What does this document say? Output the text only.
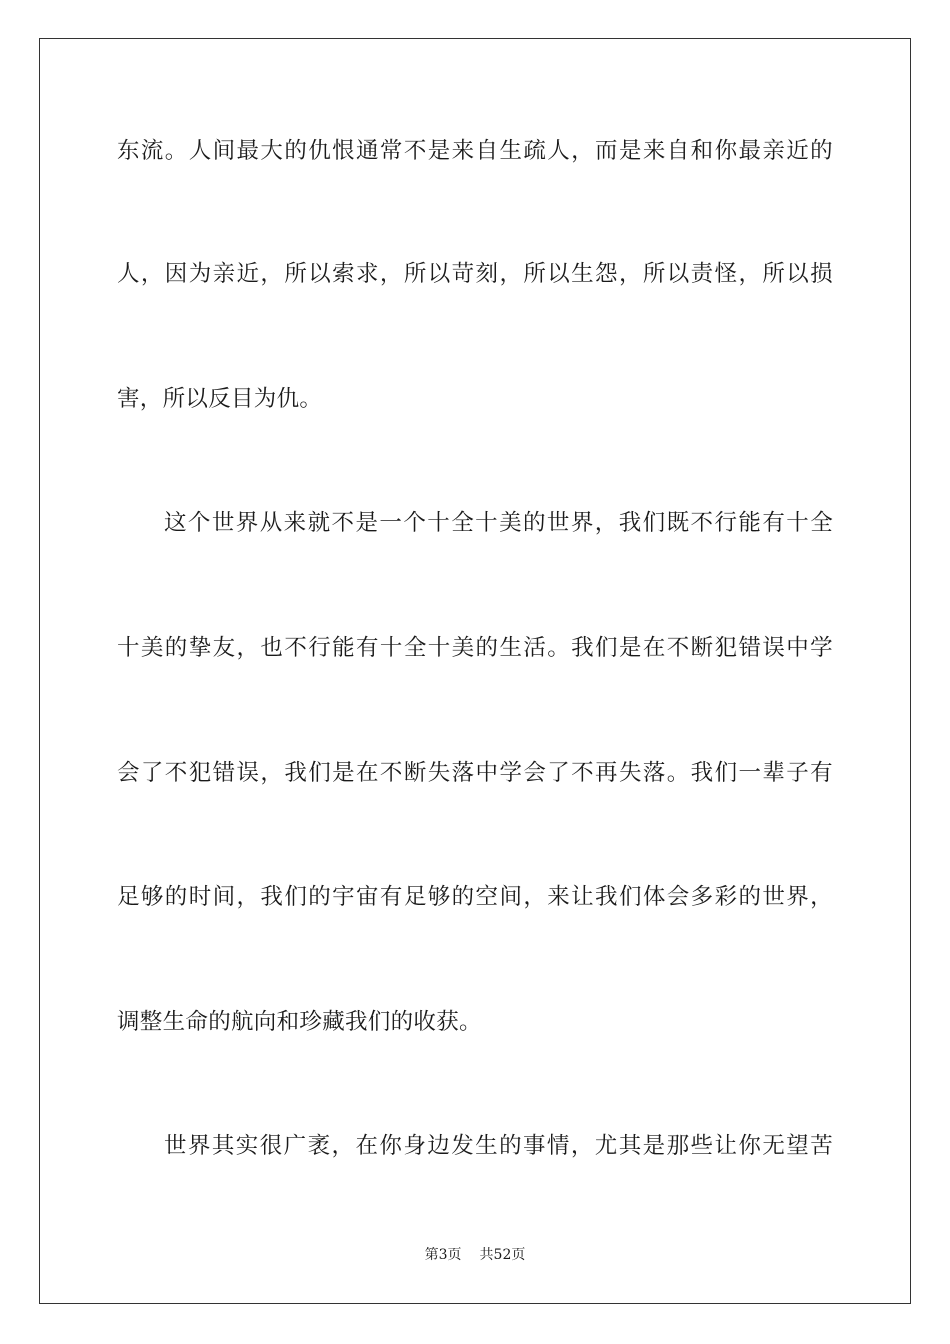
东流。人间最大的仇恨通常不是来自生疏人，而是来自和你最亲近的
人，因为亲近，所以索求，所以苛刻，所以生怨，所以责怪，所以损
害，所以反目为仇。
这个世界从来就不是一个十全十美的世界，我们既不行能有十全
十美的挚友，也不行能有十全十美的生活。我们是在不断犯错误中学
会了不犯错误，我们是在不断失落中学会了不再失落。我们一辈子有
足够的时间，我们的宇宙有足够的空间，来让我们体会多彩的世界，
调整生命的航向和珍藏我们的收获。
世界其实很广袤，在你身边发生的事情，尤其是那些让你无望苦
第3页 共52页
